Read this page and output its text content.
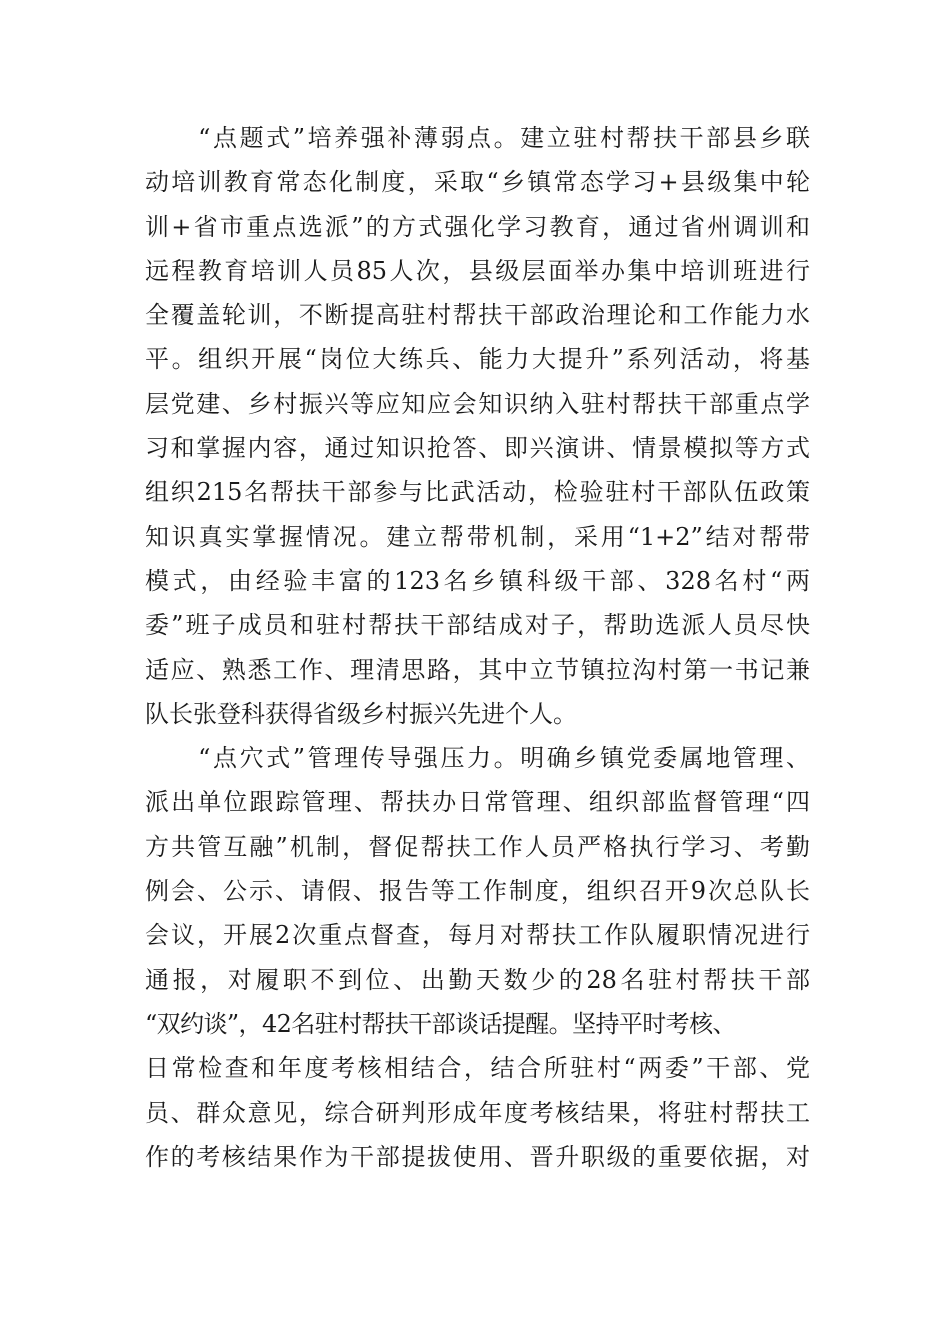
　　“点题式”培养强补薄弱点。建立驻村帮扶干部县乡联
动培训教育常态化制度，采取“乡镇常态学习+县级集中轮
训+省市重点选派”的方式强化学习教育，通过省州调训和
远程教育培训人员85人次，县级层面举办集中培训班进行
全覆盖轮训，不断提高驻村帮扶干部政治理论和工作能力水
平。组织开展“岗位大练兵、能力大提升”系列活动，将基
层党建、乡村振兴等应知应会知识纳入驻村帮扶干部重点学
习和掌握内容，通过知识抢答、即兴演讲、情景模拟等方式
组织215名帮扶干部参与比武活动，检验驻村干部队伍政策
知识真实掌握情况。建立帮带机制，采用“1+2”结对帮带
模式，由经验丰富的123名乡镇科级干部、328名村“两
委”班子成员和驻村帮扶干部结成对子，帮助选派人员尽快
适应、熟悉工作、理清思路，其中立节镇拉沟村第一书记兼
队长张登科获得省级乡村振兴先进个人。
　　“点穴式”管理传导强压力。明确乡镇党委属地管理、
派出单位跟踪管理、帮扶办日常管理、组织部监督管理“四
方共管互融”机制，督促帮扶工作人员严格执行学习、考勤
例会、公示、请假、报告等工作制度，组织召开9次总队长
会议，开展2次重点督查，每月对帮扶工作队履职情况进行
通报，对履职不到位、出勤天数少的28名驻村帮扶干部
“双约谈”，42名驻村帮扶干部谈话提醒。坚持平时考核、
日常检查和年度考核相结合，结合所驻村“两委”干部、党
员、群众意见，综合研判形成年度考核结果，将驻村帮扶工
作的考核结果作为干部提拔使用、晋升职级的重要依据，对
